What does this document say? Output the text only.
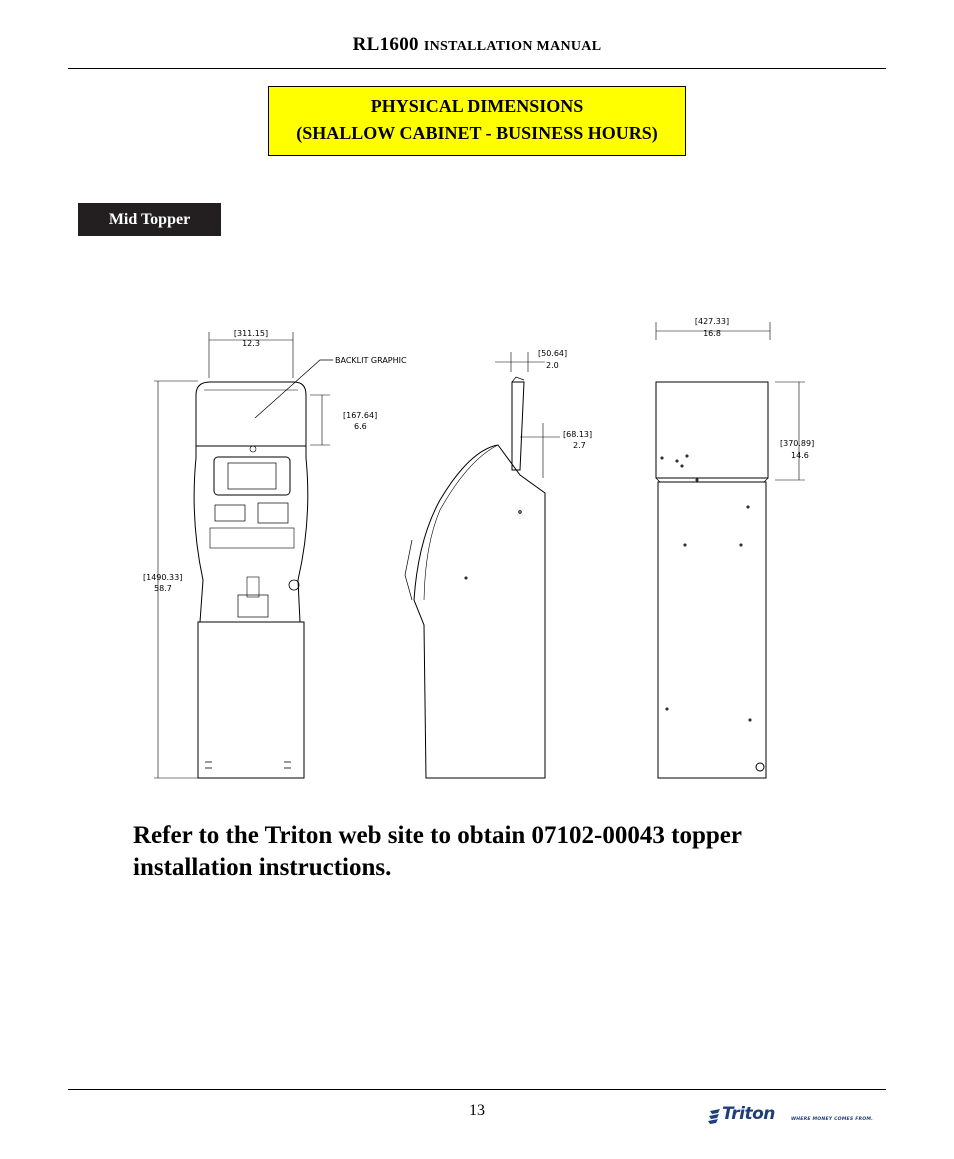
RL1600 INSTALLATION MANUAL
PHYSICAL DIMENSIONS
(SHALLOW CABINET - BUSINESS HOURS)
Mid Topper
[311.15]
12.3
BACKLIT GRAPHIC
[167.64]
6.6
[1490.33]
58.7
[50.64]
2.0
[68.13]
2.7
[427.33]
16.8
[370.89]
14.6
Refer to the Triton web site to obtain 07102-00043 topper installation instructions.
13	Triton	WHERE MONEY COMES FROM.
